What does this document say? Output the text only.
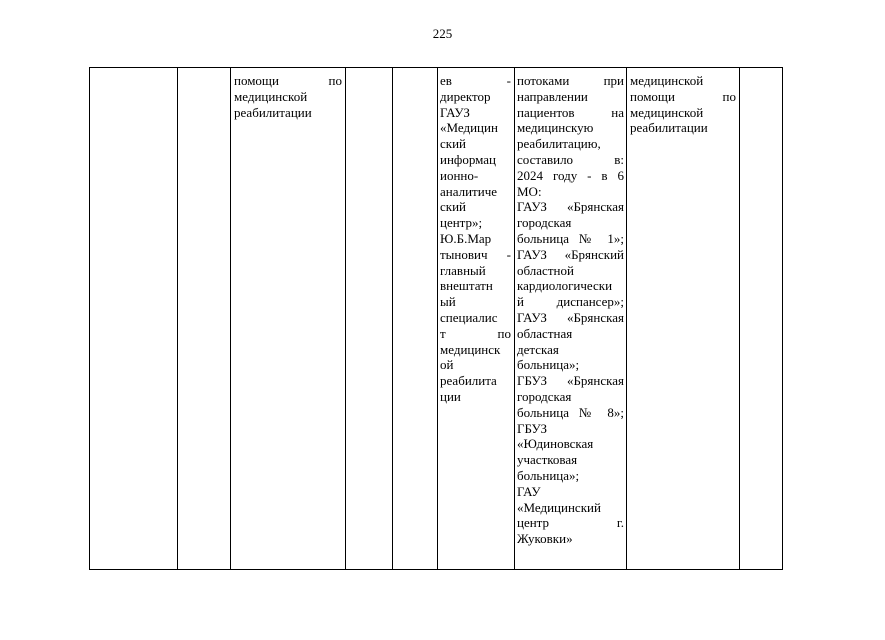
225
помощи по
медицинской
реабилитации
ев -
директор
ГАУЗ
«Медицин
ский
информац
ионно-
аналитиче
ский
центр»;
Ю.Б.Мар
тынович -
главный
внештатн
ый
специалис
т по
медицинск
ой
реабилита
ции
потоками при
направлении
пациентов на
медицинскую
реабилитацию,
составило в:
2024 году - в 6
МО:
ГАУЗ «Брянская
городская
больница № 1»;
ГАУЗ «Брянский
областной
кардиологически
й диспансер»;
ГАУЗ «Брянская
областная
детская
больница»;
ГБУЗ «Брянская
городская
больница № 8»;
ГБУЗ
«Юдиновская
участковая
больница»;
ГАУ
«Медицинский
центр г.
Жуковки»
медицинской
помощи по
медицинской
реабилитации
